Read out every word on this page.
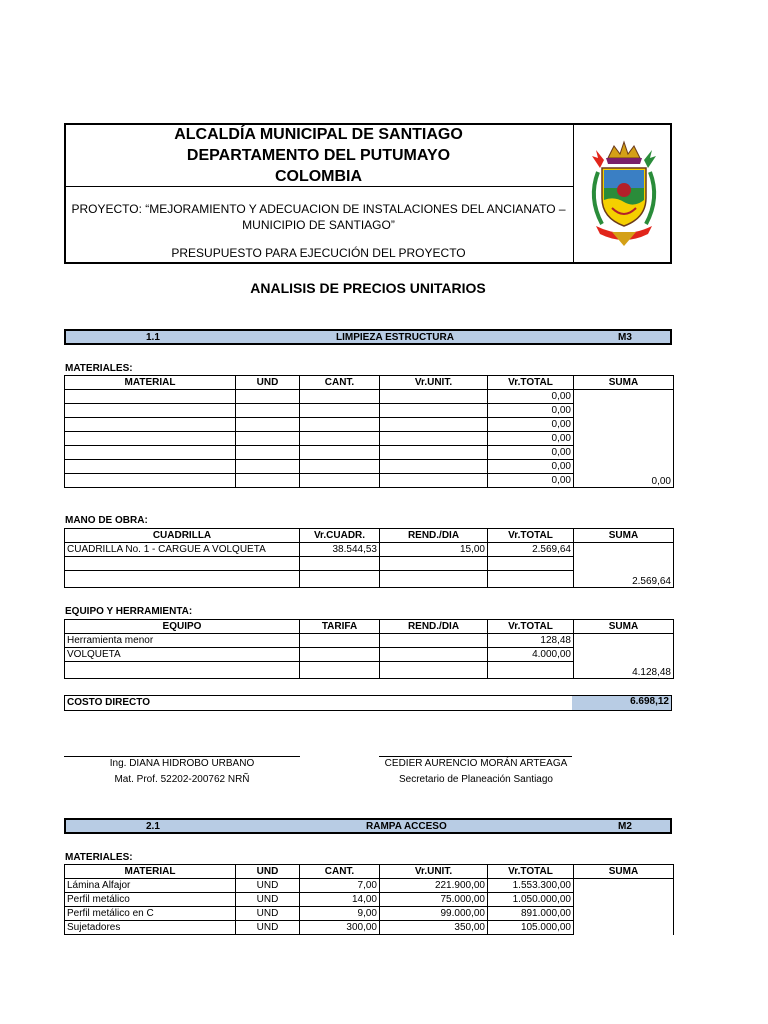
ALCALDÍA MUNICIPAL DE SANTIAGO
DEPARTAMENTO DEL PUTUMAYO
COLOMBIA
PROYECTO: “MEJORAMIENTO Y ADECUACION DE INSTALACIONES DEL ANCIANATO –
MUNICIPIO DE SANTIAGO”
PRESUPUESTO PARA EJECUCIÓN DEL PROYECTO
ANALISIS DE PRECIOS UNITARIOS
1.1	LIMPIEZA ESTRUCTURA	M3
MATERIALES:
MATERIAL	UND	CANT.	Vr.UNIT.	Vr.TOTAL	SUMA
				0,00	0,00
				0,00	
				0,00	
				0,00	
				0,00	
				0,00	
				0,00	
MANO DE OBRA:
CUADRILLA	Vr.CUADR.	REND./DIA	Vr.TOTAL	SUMA
CUADRILLA No. 1 - CARGUE A VOLQUETA	38.544,53	15,00	2.569,64	2.569,64

EQUIPO Y HERRAMIENTA:
EQUIPO	TARIFA	REND./DIA	Vr.TOTAL	SUMA
Herramienta menor			128,48	4.128,48
VOLQUETA			4.000,00	

COSTO DIRECTO	6.698,12
Ing. DIANA HIDROBO URBANO
Mat. Prof. 52202-200762 NRÑ
CEDIER AURENCIO MORÁN ARTEAGA
Secretario de Planeación Santiago
2.1	RAMPA ACCESO	M2
MATERIALES:
MATERIAL	UND	CANT.	Vr.UNIT.	Vr.TOTAL	SUMA
Lámina Alfajor	UND	7,00	221.900,00	1.553.300,00	
Perfil metálico	UND	14,00	75.000,00	1.050.000,00	
Perfil metálico en C	UND	9,00	99.000,00	891.000,00	
Sujetadores	UND	300,00	350,00	105.000,00	
